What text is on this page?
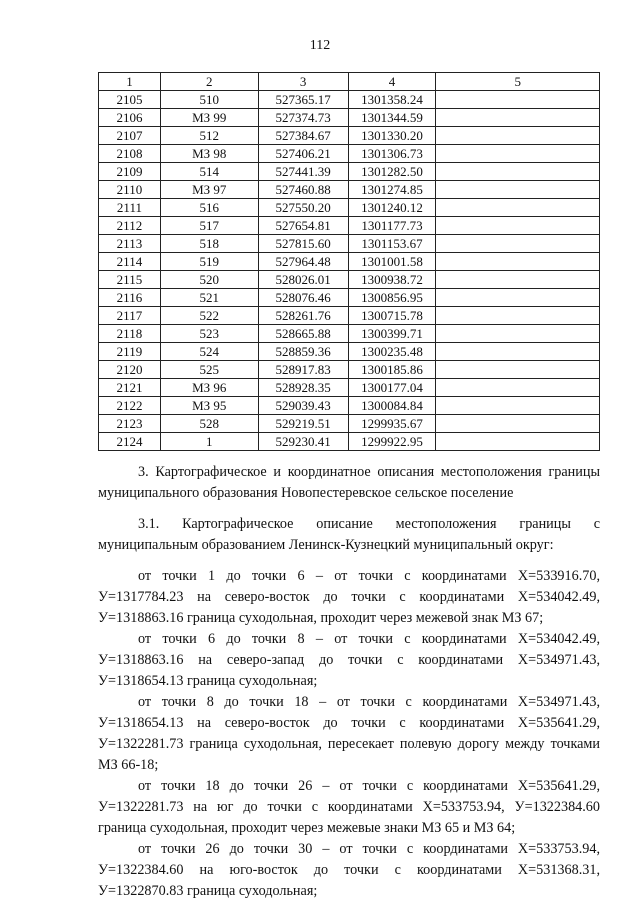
112
1	2	3	4	5
2105	510	527365.17	1301358.24	
2106	МЗ 99	527374.73	1301344.59	
2107	512	527384.67	1301330.20	
2108	МЗ 98	527406.21	1301306.73	
2109	514	527441.39	1301282.50	
2110	МЗ 97	527460.88	1301274.85	
2111	516	527550.20	1301240.12	
2112	517	527654.81	1301177.73	
2113	518	527815.60	1301153.67	
2114	519	527964.48	1301001.58	
2115	520	528026.01	1300938.72	
2116	521	528076.46	1300856.95	
2117	522	528261.76	1300715.78	
2118	523	528665.88	1300399.71	
2119	524	528859.36	1300235.48	
2120	525	528917.83	1300185.86	
2121	МЗ 96	528928.35	1300177.04	
2122	МЗ 95	529039.43	1300084.84	
2123	528	529219.51	1299935.67	
2124	1	529230.41	1299922.95	

3. Картографическое и координатное описания местоположения границы муниципального образования Новопестеревское сельское поселение

3.1. Картографическое описание местоположения границы с муниципальным образованием Ленинск-Кузнецкий муниципальный округ:

от точки 1 до точки 6 – от точки с координатами Х=533916.70, У=1317784.23 на северо-восток до точки с координатами Х=534042.49, У=1318863.16 граница суходольная, проходит через межевой знак МЗ 67;

от точки 6 до точки 8 – от точки с координатами Х=534042.49, У=1318863.16 на северо-запад до точки с координатами Х=534971.43, У=1318654.13 граница суходольная;

от точки 8 до точки 18 – от точки с координатами Х=534971.43, У=1318654.13 на северо-восток до точки с координатами Х=535641.29, У=1322281.73 граница суходольная, пересекает полевую дорогу между точками МЗ 66-18;

от точки 18 до точки 26 – от точки с координатами Х=535641.29, У=1322281.73 на юг до точки с координатами Х=533753.94, У=1322384.60 граница суходольная, проходит через межевые знаки МЗ 65 и МЗ 64;

от точки 26 до точки 30 – от точки с координатами Х=533753.94, У=1322384.60 на юго-восток до точки с координатами Х=531368.31, У=1322870.83 граница суходольная;
